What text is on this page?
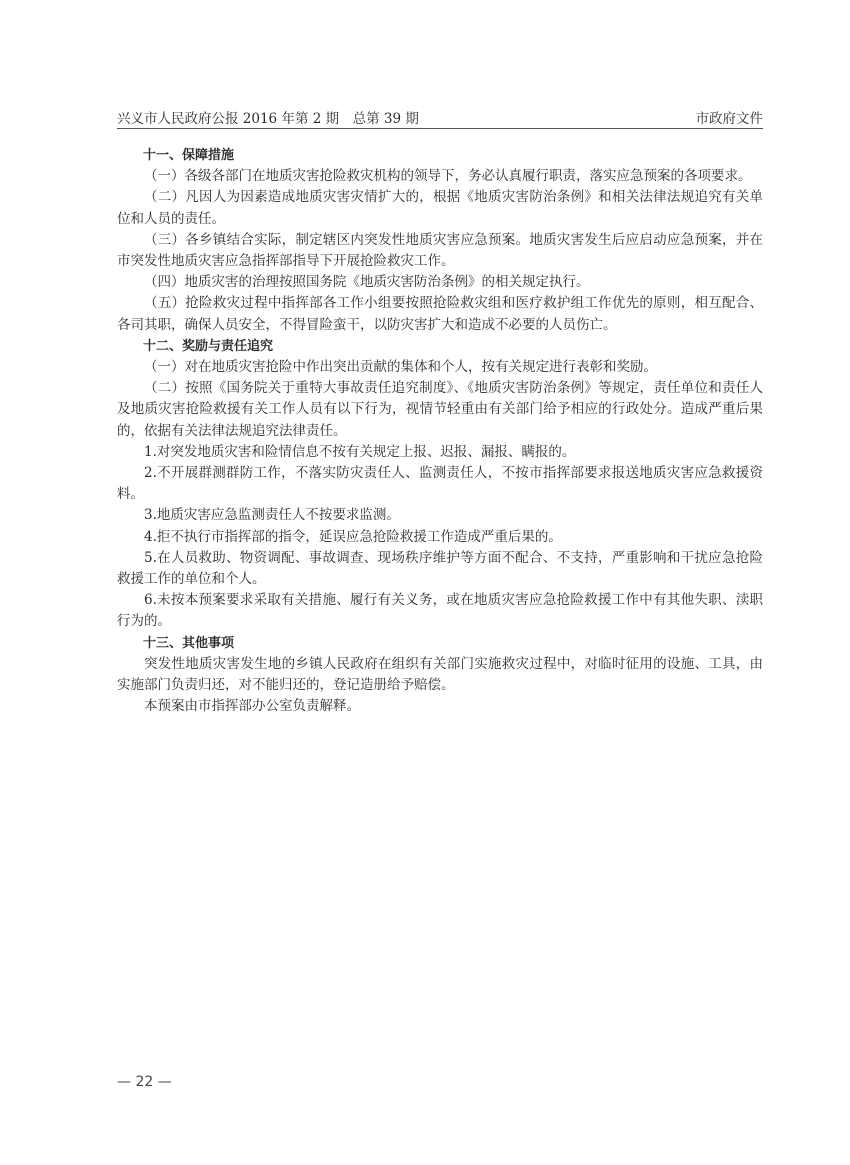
兴义市人民政府公报 2016 年第 2 期　总第 39 期	市政府文件

十一、保障措施

（一）各级各部门在地质灾害抢险救灾机构的领导下，务必认真履行职责，落实应急预案的各项要求。

（二）凡因人为因素造成地质灾害灾情扩大的，根据《地质灾害防治条例》和相关法律法规追究有关单位和人员的责任。

（三）各乡镇结合实际，制定辖区内突发性地质灾害应急预案。地质灾害发生后应启动应急预案，并在市突发性地质灾害应急指挥部指导下开展抢险救灾工作。

（四）地质灾害的治理按照国务院《地质灾害防治条例》的相关规定执行。

（五）抢险救灾过程中指挥部各工作小组要按照抢险救灾组和医疗救护组工作优先的原则，相互配合、各司其职，确保人员安全，不得冒险蛮干，以防灾害扩大和造成不必要的人员伤亡。

十二、奖励与责任追究

（一）对在地质灾害抢险中作出突出贡献的集体和个人，按有关规定进行表彰和奖励。

（二）按照《国务院关于重特大事故责任追究制度》、《地质灾害防治条例》等规定，责任单位和责任人及地质灾害抢险救援有关工作人员有以下行为，视情节轻重由有关部门给予相应的行政处分。造成严重后果的，依据有关法律法规追究法律责任。

1.对突发地质灾害和险情信息不按有关规定上报、迟报、漏报、瞒报的。

2.不开展群测群防工作，不落实防灾责任人、监测责任人，不按市指挥部要求报送地质灾害应急救援资料。

3.地质灾害应急监测责任人不按要求监测。

4.拒不执行市指挥部的指令，延误应急抢险救援工作造成严重后果的。

5.在人员救助、物资调配、事故调查、现场秩序维护等方面不配合、不支持，严重影响和干扰应急抢险救援工作的单位和个人。

6.未按本预案要求采取有关措施、履行有关义务，或在地质灾害应急抢险救援工作中有其他失职、渎职行为的。

十三、其他事项

突发性地质灾害发生地的乡镇人民政府在组织有关部门实施救灾过程中，对临时征用的设施、工具，由实施部门负责归还，对不能归还的，登记造册给予赔偿。

本预案由市指挥部办公室负责解释。

— 22 —
